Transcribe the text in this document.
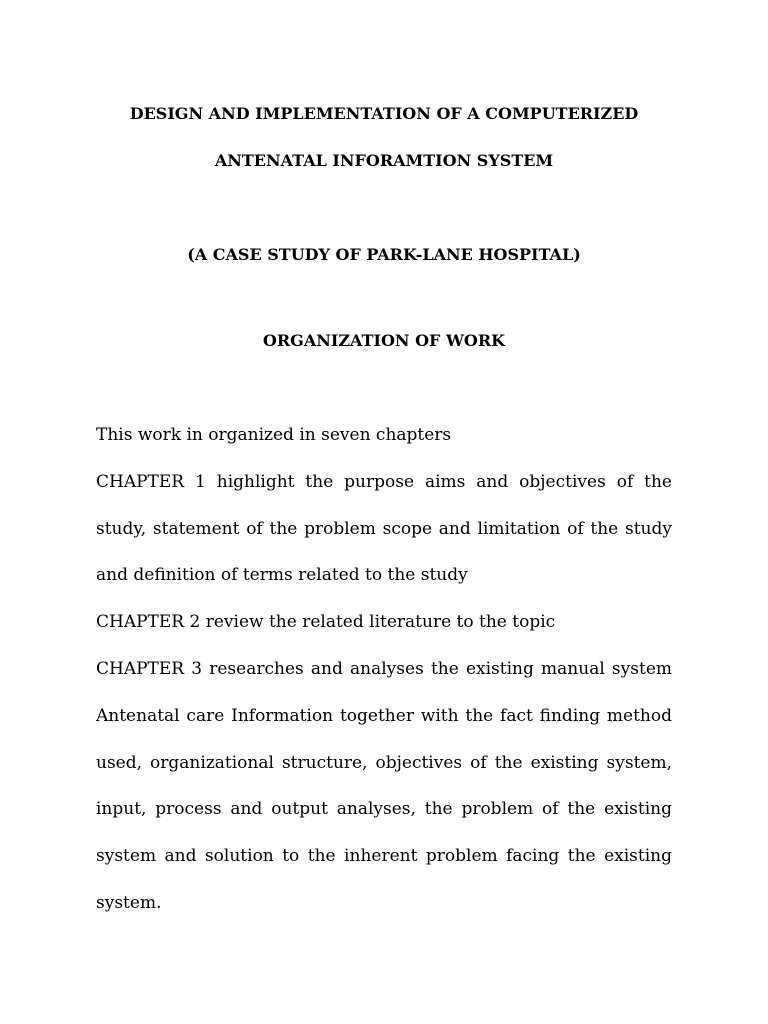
DESIGN AND IMPLEMENTATION OF A COMPUTERIZED
ANTENATAL INFORAMTION SYSTEM
(A CASE STUDY OF PARK-LANE HOSPITAL)
ORGANIZATION OF WORK

This work in organized in seven chapters

CHAPTER 1 highlight the purpose aims and objectives of the study, statement of the problem scope and limitation of the study and definition of terms related to the study

CHAPTER 2 review the related literature to the topic

CHAPTER 3 researches and analyses the existing manual system Antenatal care Information together with the fact finding method used, organizational structure, objectives of the existing system, input, process and output analyses, the problem of the existing system and solution to the inherent problem facing the existing system.
